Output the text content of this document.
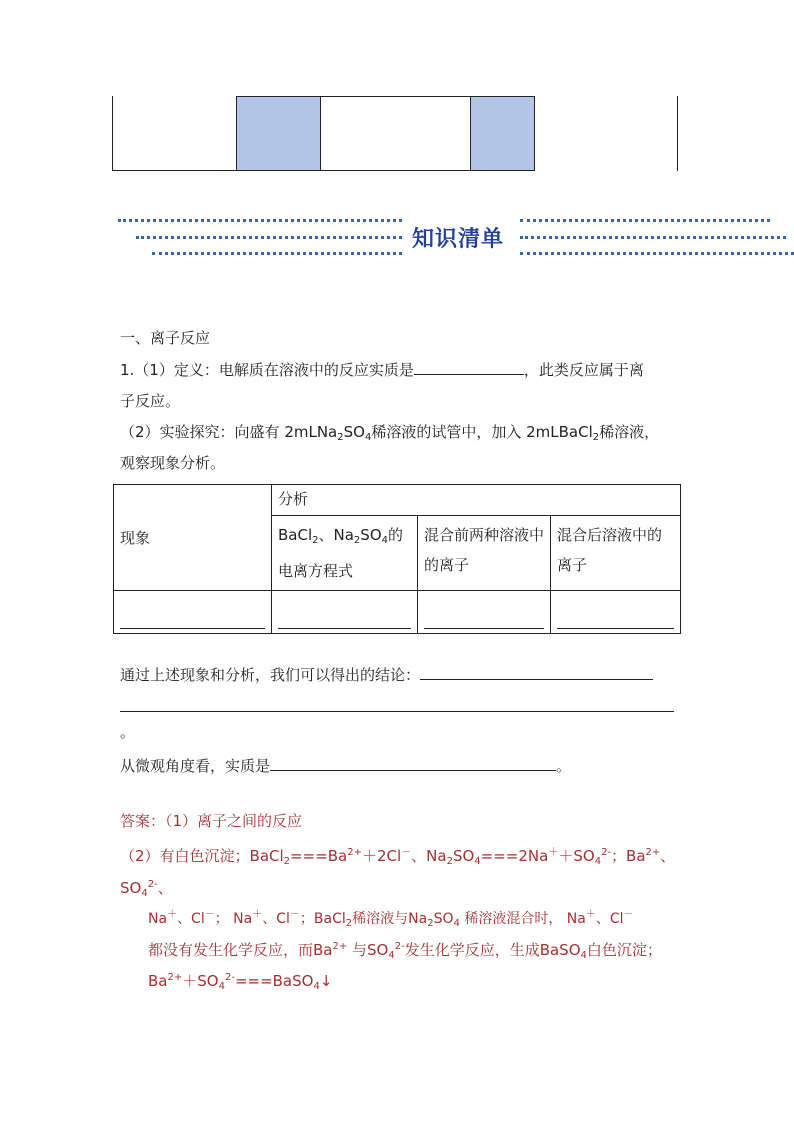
知识清单
一、离子反应
1.（1）定义：电解质在溶液中的反应实质是	，此类反应属于离
子反应。
（2）实验探究：向盛有 $2mLNa_2SO_4$稀溶液的试管中，加入 2mLBaCl$_2$稀溶液，
观察现象分析。
现象	分析		
	BaCl$_2$、$Na_2SO_4$的电离方程式	混合前两种溶液中的离子	混合后溶液中的离子

通过上述现象和分析，我们可以得出的结论：
。
从微观角度看，实质是	。
答案：（1）离子之间的反应
（2）有白色沉淀；$BaCl_2===Ba^{2+}+2Cl^-$、$Na_2SO_4===2Na^++SO_4^{2-}$；$Ba^{2+}$、
$SO_4^{2-}$、
Na＋、Cl－； Na＋、Cl－；BaCl$_2$稀溶液与$Na_2SO_4$ 稀溶液混合时， Na＋、Cl－
都没有发生化学反应，而$Ba^{2+}$ 与$SO_4^{2-}$发生化学反应，生成BaSO$_4$白色沉淀；
$Ba^{2+}+SO_4^{2-}===BaSO_4↓$
